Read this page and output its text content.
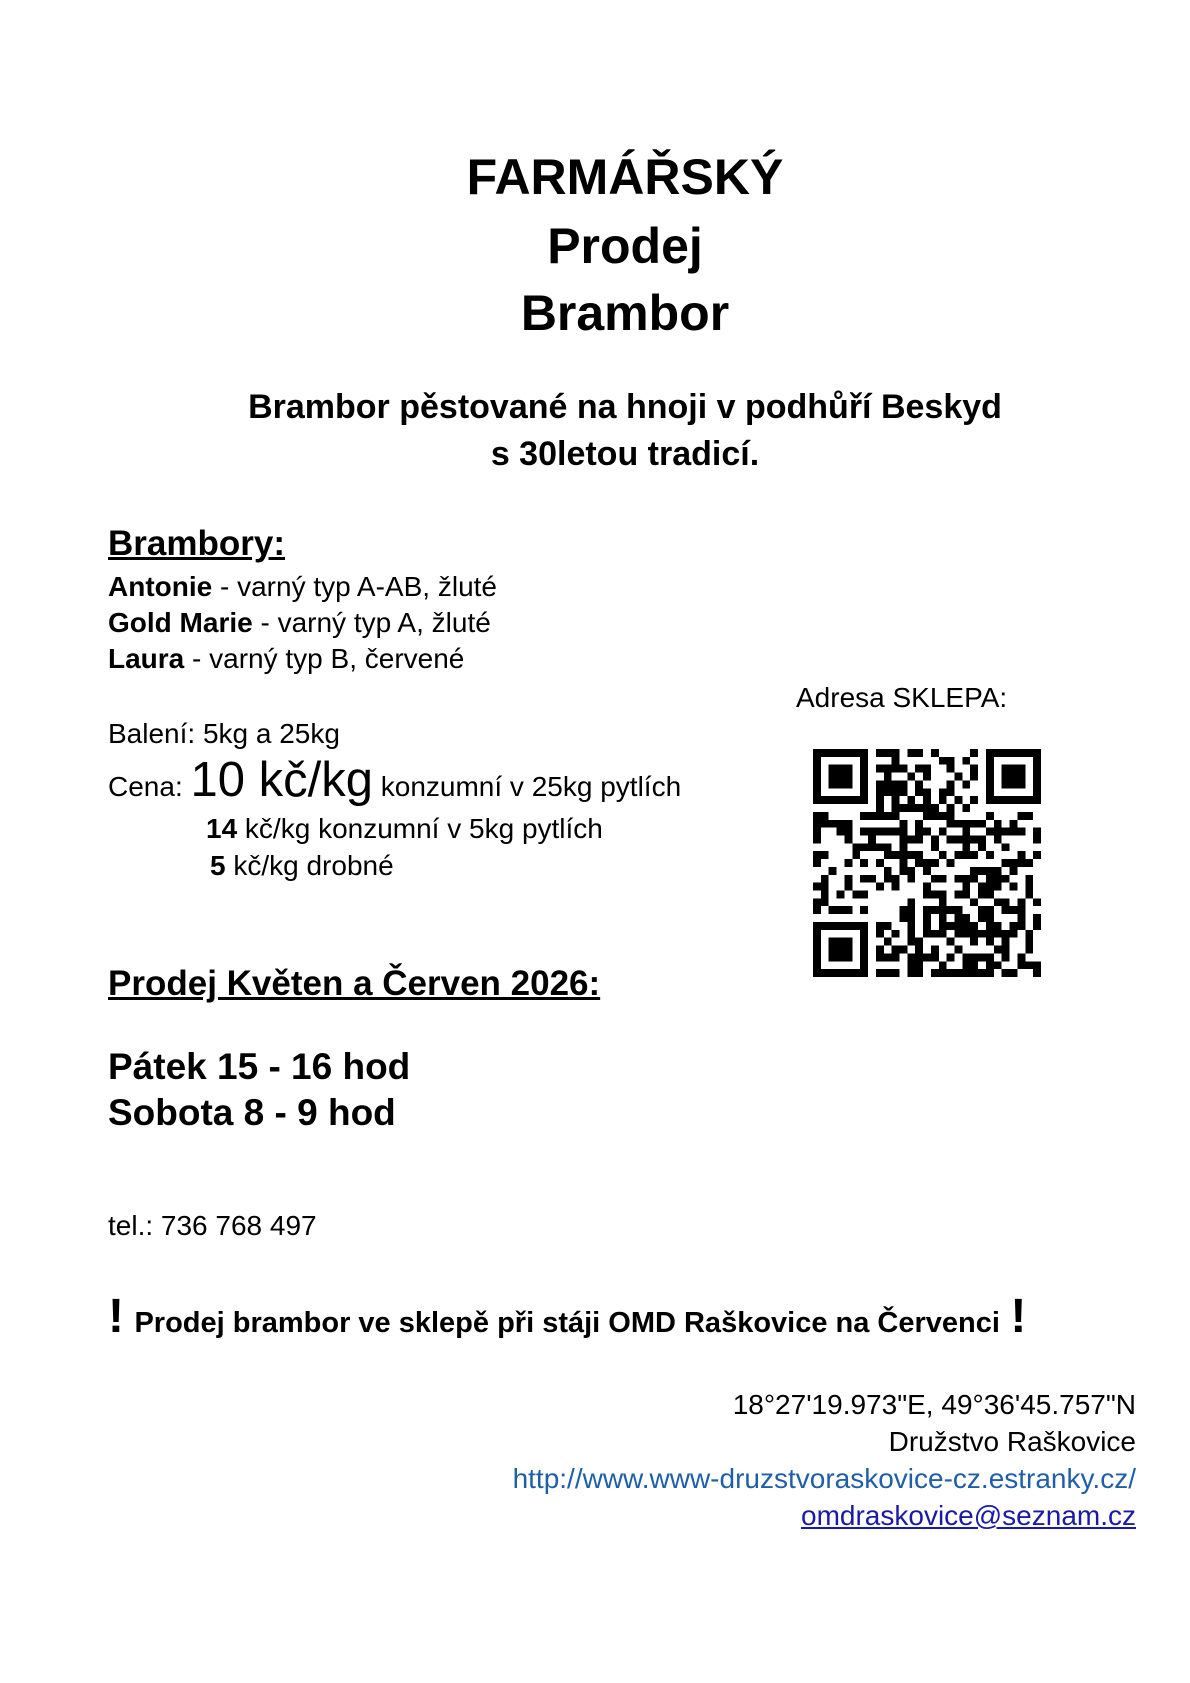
FARMÁŘSKÝ
Prodej
Brambor
Brambor pěstované na hnoji v podhůří Beskyd
s 30letou tradicí.
Brambory:
Antonie - varný typ A-AB, žluté
Gold Marie - varný typ A, žluté
Laura - varný typ B, červené
Adresa SKLEPA:
Balení: 5kg a 25kg
Cena: 10 kč/kg konzumní v 25kg pytlích
14 kč/kg konzumní v 5kg pytlích
5 kč/kg drobné
Prodej Květen a Červen 2026:
Pátek 15 - 16 hod
Sobota 8 - 9 hod
tel.: 736 768 497
! Prodej brambor ve sklepě při stáji OMD Raškovice na Červenci !
18°27'19.973"E, 49°36'45.757"N
Družstvo Raškovice
http://www.www-druzstvoraskovice-cz.estranky.cz/
omdraskovice@seznam.cz
